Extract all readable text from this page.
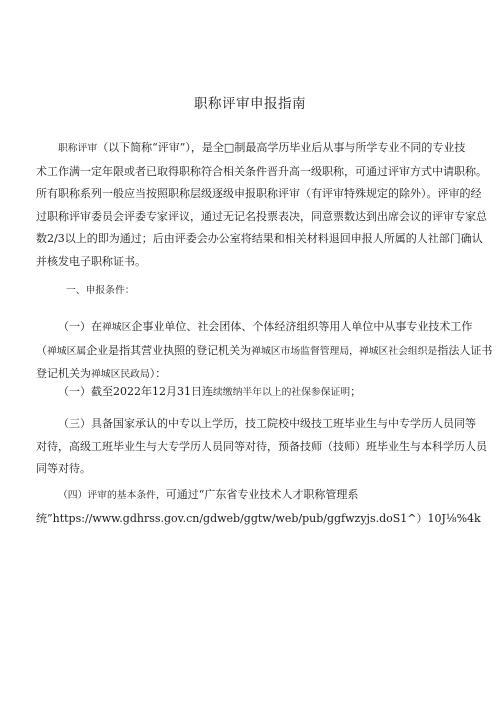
职称评审申报指南
职称评审（以下简称“评审”），是全□制最高学历毕业后从事与所学专业不同的专业技
术工作满一定年限或者已取得职称符合相关条件晋升高一级职称，可通过评审方式中请职称。
所有职称系列一般应当按照职称层级逐级申报职称评审（有评审特殊规定的除外）。评审的经
过职称评审委员会评委专家评议，通过无记名投票表决，同意票数达到出席会议的评审专家总
数2/3以上的即为通过；后由评委会办公室将结果和相关材料退回申报人所属的人社部门确认
并核发电子职称证书。
一、申报条件：
（一）在禅城区企事业单位、社会团体、个体经济组织等用人单位中从事专业技术工作
（禅城区属企业是指其营业执照的登记机关为禅城区市场监督管理局，禅城区社会组织是指法人证书
登记机关为禅城区民政局）：
（一）截至2022年12月31日连续缴纳半年以上的社保参保证明；
（三）具备国家承认的中专以上学历，技工院校中级技工班毕业生与中专学历人员同等
对待，高级工班毕业生与大专学历人员同等对待，预备技师（技师）班毕业生与本科学历人员
同等对待。
（四）评审的基本条件，可通过“广东省专业技术人才职称管理系
统”https://www.gdhrss.gov.cn/gdweb/ggtw/web/pub/ggfwzyjs.doS1^）10J⅛%4k
